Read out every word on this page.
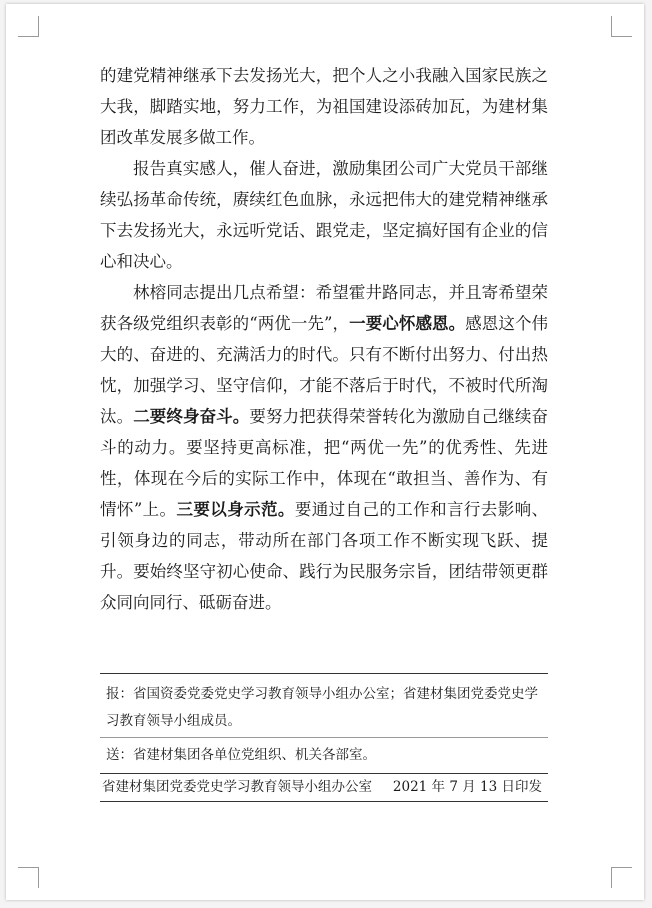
的建党精神继承下去发扬光大，把个人之小我融入国家民族之大我，脚踏实地，努力工作，为祖国建设添砖加瓦，为建材集团改革发展多做工作。

报告真实感人，催人奋进，激励集团公司广大党员干部继续弘扬革命传统，赓续红色血脉，永远把伟大的建党精神继承下去发扬光大，永远听党话、跟党走，坚定搞好国有企业的信心和决心。

林榕同志提出几点希望：希望霍井路同志，并且寄希望荣获各级党组织表彰的“两优一先”，一要心怀感恩。感恩这个伟大的、奋进的、充满活力的时代。只有不断付出努力、付出热忱，加强学习、坚守信仰，才能不落后于时代，不被时代所淘汰。二要终身奋斗。要努力把获得荣誉转化为激励自己继续奋斗的动力。要坚持更高标准，把“两优一先”的优秀性、先进性，体现在今后的实际工作中，体现在“敢担当、善作为、有情怀”上。三要以身示范。要通过自己的工作和言行去影响、引领身边的同志，带动所在部门各项工作不断实现飞跃、提升。要始终坚守初心使命、践行为民服务宗旨，团结带领更群众同向同行、砥砺奋进。

报：省国资委党委党史学习教育领导小组办公室；省建材集团党委党史学习教育领导小组成员。
送：省建材集团各单位党组织、机关各部室。
省建材集团党委党史学习教育领导小组办公室 2021 年 7 月 13 日印发
